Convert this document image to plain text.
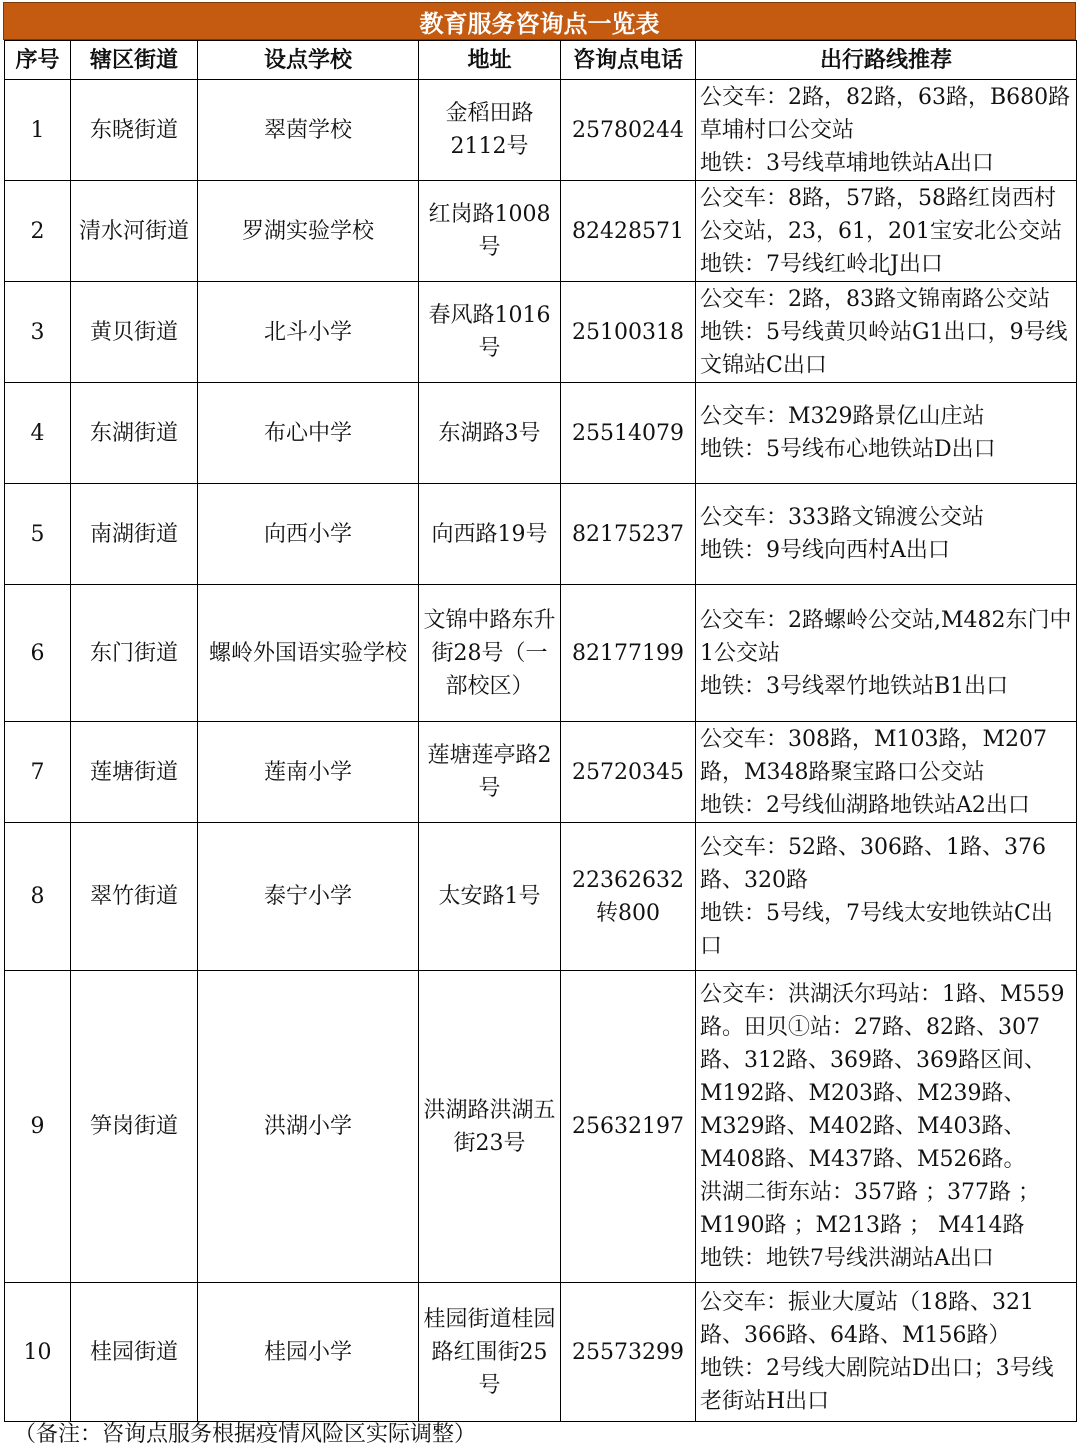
教育服务咨询点一览表
序号	辖区街道	设点学校	地址	咨询点电话	出行路线推荐
1	东晓街道	翠茵学校	金稻田路2112号	25780244	公交车：2路，82路，63路，B680路草埔村口公交站
地铁：3号线草埔地铁站A出口

2	清水河街道	罗湖实验学校	红岗路1008号	82428571	公交车：8路，57路，58路红岗西村公交站，23，61，201宝安北公交站
地铁：7号线红岭北J出口

3	黄贝街道	北斗小学	春风路1016号	25100318	公交车：2路，83路文锦南路公交站
地铁：5号线黄贝岭站G1出口，9号线文锦站C出口

4	东湖街道	布心中学	东湖路3号	25514079	公交车：M329路景亿山庄站
地铁：5号线布心地铁站D出口

5	南湖街道	向西小学	向西路19号	82175237	公交车：333路文锦渡公交站
地铁：9号线向西村A出口

6	东门街道	螺岭外国语实验学校	文锦中路东升街28号（一部校区）	82177199	公交车：2路螺岭公交站,M482东门中1公交站
地铁：3号线翠竹地铁站B1出口

7	莲塘街道	莲南小学	莲塘莲亭路2号	25720345	公交车：308路，M103路，M207路，M348路聚宝路口公交站
地铁：2号线仙湖路地铁站A2出口

8	翠竹街道	泰宁小学	太安路1号	22362632转800	公交车：52路、306路、1路、376路、320路
地铁：5号线，7号线太安地铁站C出口

9	笋岗街道	洪湖小学	洪湖路洪湖五街23号	25632197	公交车：洪湖沃尔玛站：1路、M559路。田贝①站：27路、82路、307路、312路、369路、369路区间、M192路、M203路、M239路、M329路、M402路、M403路、M408路、M437路、M526路。
洪湖二街东站：357路 ；377路 ；M190路 ；M213路 ； M414路
地铁：地铁7号线洪湖站A出口

10	桂园街道	桂园小学	桂园街道桂园路红围街25号	25573299	公交车：振业大厦站（18路、321路、366路、64路、M156路）
地铁：2号线大剧院站D出口；3号线老街站H出口
（备注：咨询点服务根据疫情风险区实际调整）
